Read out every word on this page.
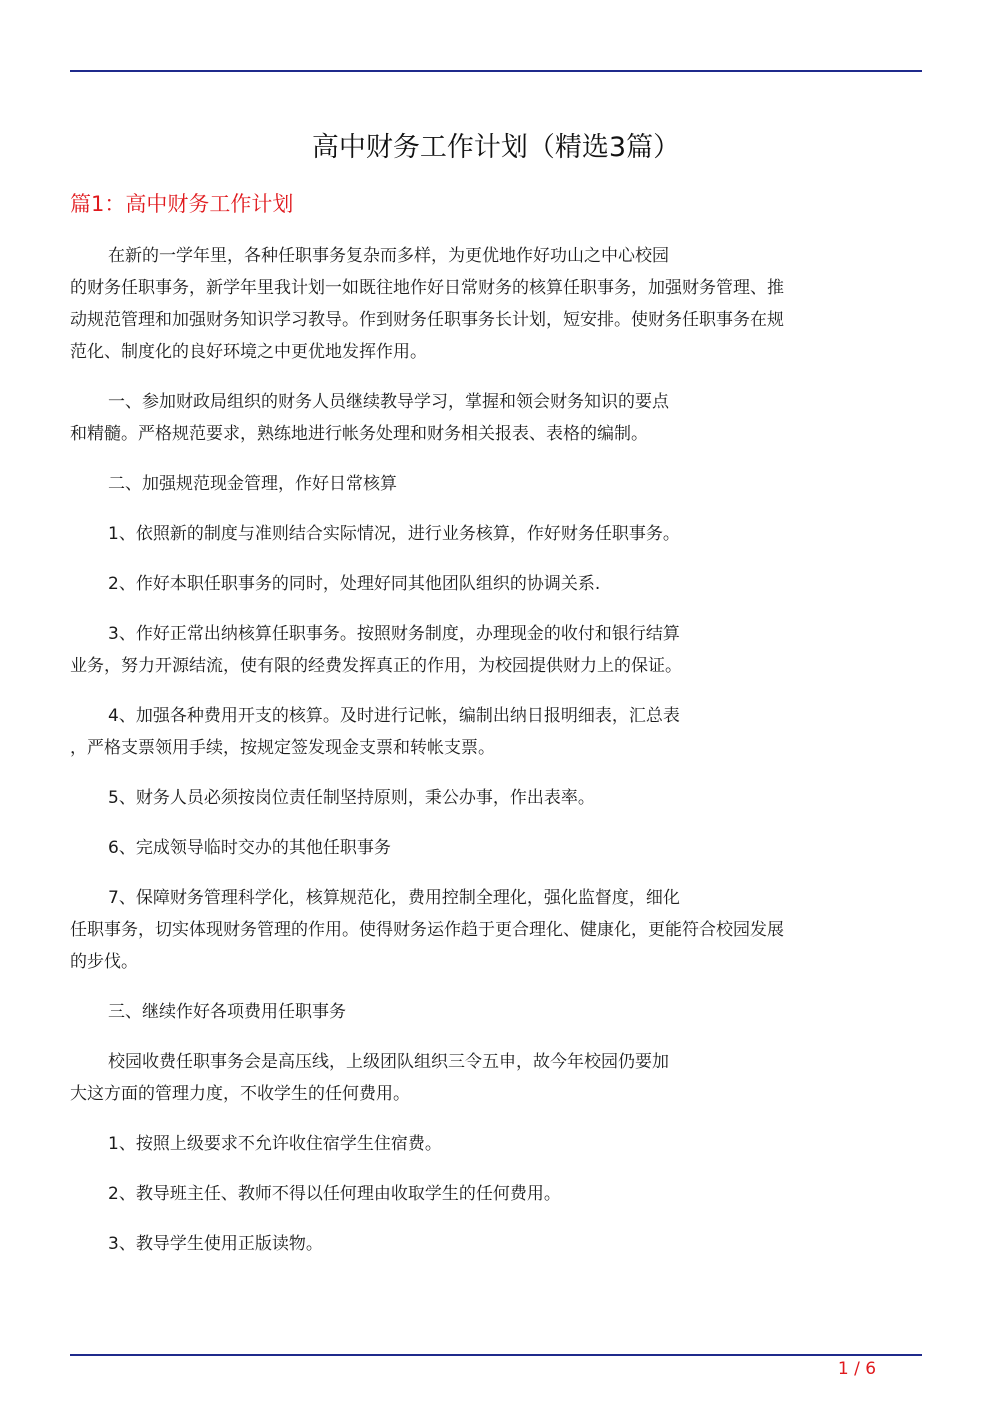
高中财务工作计划（精选3篇）
篇1：高中财务工作计划

在新的一学年里，各种任职事务复杂而多样，为更优地作好功山之中心校园
的财务任职事务，新学年里我计划一如既往地作好日常财务的核算任职事务，加强财务管理、推
动规范管理和加强财务知识学习教导。作到财务任职事务长计划，短安排。使财务任职事务在规
范化、制度化的良好环境之中更优地发挥作用。

一、参加财政局组织的财务人员继续教导学习，掌握和领会财务知识的要点
和精髓。严格规范要求，熟练地进行帐务处理和财务相关报表、表格的编制。

二、加强规范现金管理，作好日常核算

1、依照新的制度与准则结合实际情况，进行业务核算，作好财务任职事务。

2、作好本职任职事务的同时，处理好同其他团队组织的协调关系.

3、作好正常出纳核算任职事务。按照财务制度，办理现金的收付和银行结算
业务，努力开源结流，使有限的经费发挥真正的作用，为校园提供财力上的保证。

4、加强各种费用开支的核算。及时进行记帐，编制出纳日报明细表，汇总表
，严格支票领用手续，按规定签发现金支票和转帐支票。

5、财务人员必须按岗位责任制坚持原则，秉公办事，作出表率。

6、完成领导临时交办的其他任职事务

7、保障财务管理科学化，核算规范化，费用控制全理化，强化监督度，细化
任职事务，切实体现财务管理的作用。使得财务运作趋于更合理化、健康化，更能符合校园发展
的步伐。

三、继续作好各项费用任职事务

校园收费任职事务会是高压线，上级团队组织三令五申，故今年校园仍要加
大这方面的管理力度，不收学生的任何费用。

1、按照上级要求不允许收住宿学生住宿费。

2、教导班主任、教师不得以任何理由收取学生的任何费用。

3、教导学生使用正版读物。

1 / 6
